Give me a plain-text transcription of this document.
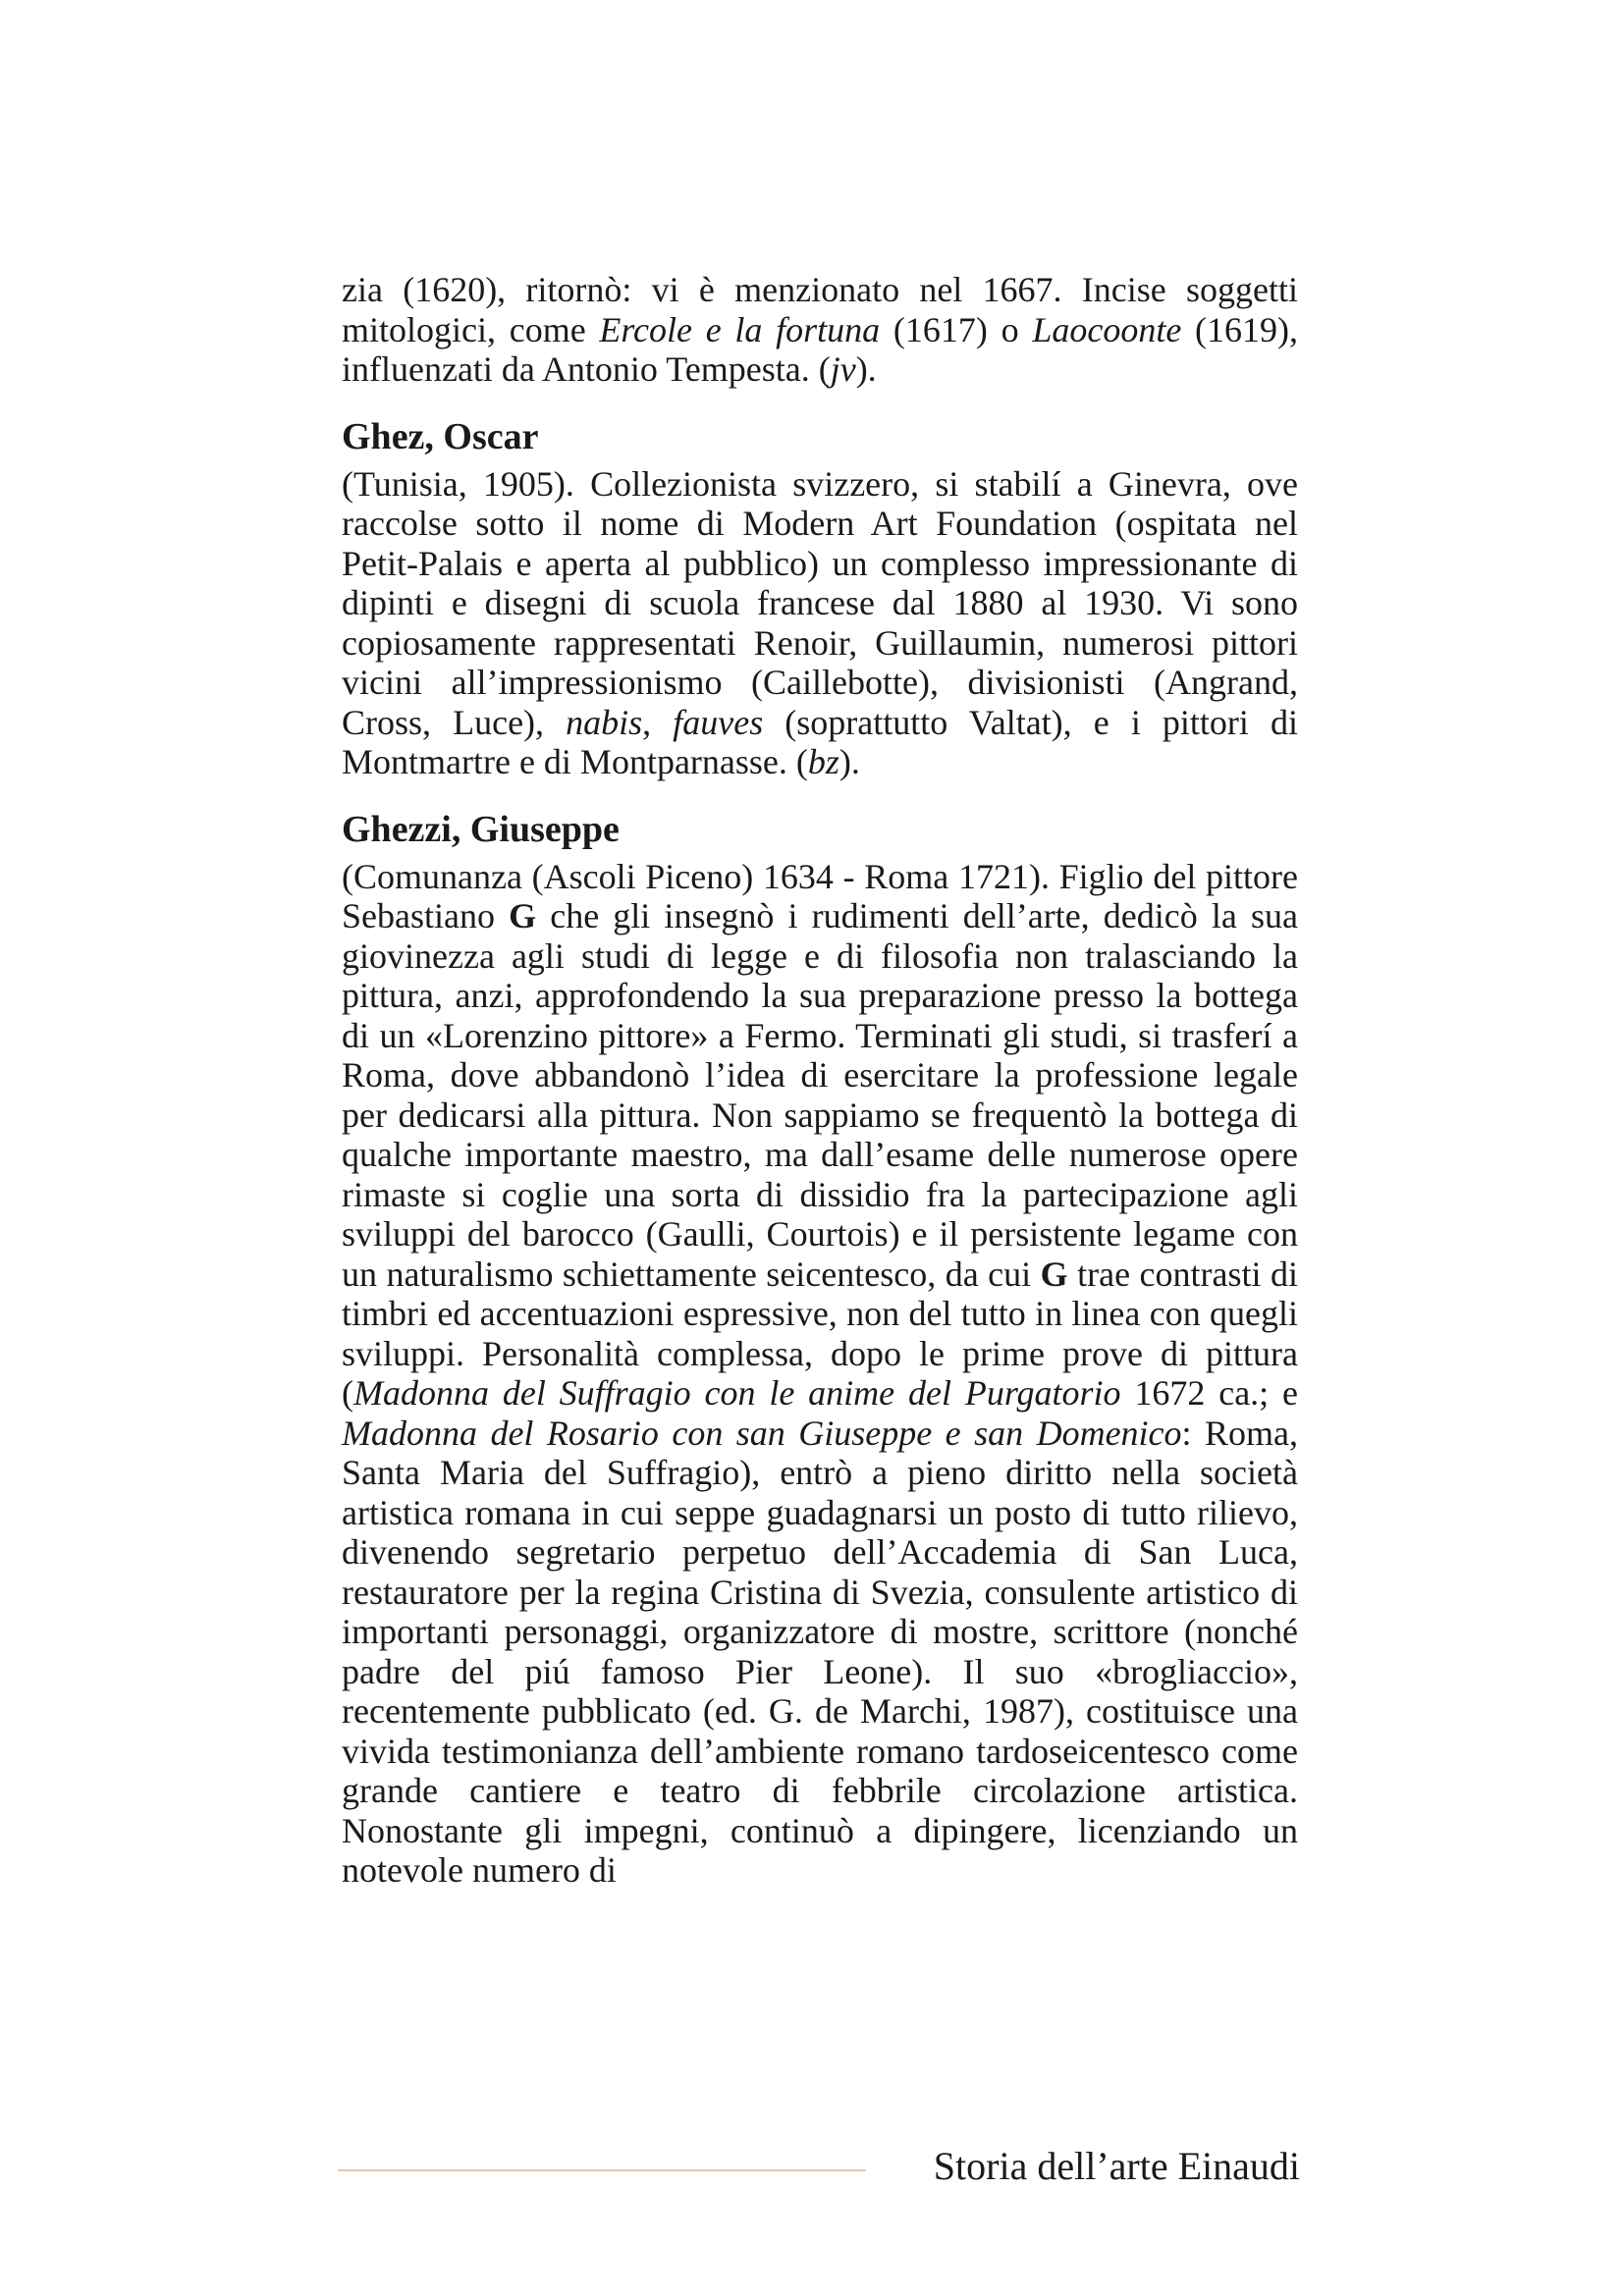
zia (1620), ritornò: vi è menzionato nel 1667. Incise soggetti mitologici, come Ercole e la fortuna (1617) o Laocoonte (1619), influenzati da Antonio Tempesta. (jv).

Ghez, Oscar

(Tunisia, 1905). Collezionista svizzero, si stabilí a Ginevra, ove raccolse sotto il nome di Modern Art Foundation (ospitata nel Petit-Palais e aperta al pubblico) un complesso impressionante di dipinti e disegni di scuola francese dal 1880 al 1930. Vi sono copiosamente rappresentati Renoir, Guillaumin, numerosi pittori vicini all’impressionismo (Caillebotte), divisionisti (Angrand, Cross, Luce), nabis, fauves (soprattutto Valtat), e i pittori di Montmartre e di Montparnasse. (bz).

Ghezzi, Giuseppe

(Comunanza (Ascoli Piceno) 1634 - Roma 1721). Figlio del pittore Sebastiano G che gli insegnò i rudimenti dell’arte, dedicò la sua giovinezza agli studi di legge e di filosofia non tralasciando la pittura, anzi, approfondendo la sua preparazione presso la bottega di un «Lorenzino pittore» a Fermo. Terminati gli studi, si trasferí a Roma, dove abbandonò l’idea di esercitare la professione legale per dedicarsi alla pittura. Non sappiamo se frequentò la bottega di qualche importante maestro, ma dall’esame delle numerose opere rimaste si coglie una sorta di dissidio fra la partecipazione agli sviluppi del barocco (Gaulli, Courtois) e il persistente legame con un naturalismo schiettamente seicentesco, da cui G trae contrasti di timbri ed accentuazioni espressive, non del tutto in linea con quegli sviluppi. Personalità complessa, dopo le prime prove di pittura (Madonna del Suffragio con le anime del Purgatorio 1672 ca.; e Madonna del Rosario con san Giuseppe e san Domenico: Roma, Santa Maria del Suffragio), entrò a pieno diritto nella società artistica romana in cui seppe guadagnarsi un posto di tutto rilievo, divenendo segretario perpetuo dell’Accademia di San Luca, restauratore per la regina Cristina di Svezia, consulente artistico di importanti personaggi, organizzatore di mostre, scrittore (nonché padre del piú famoso Pier Leone). Il suo «brogliaccio», recentemente pubblicato (ed. G. de Marchi, 1987), costituisce una vivida testimonianza dell’ambiente romano tardoseicentesco come grande cantiere e teatro di febbrile circolazione artistica. Nonostante gli impegni, continuò a dipingere, licenziando un notevole numero di

Storia dell’arte Einaudi
